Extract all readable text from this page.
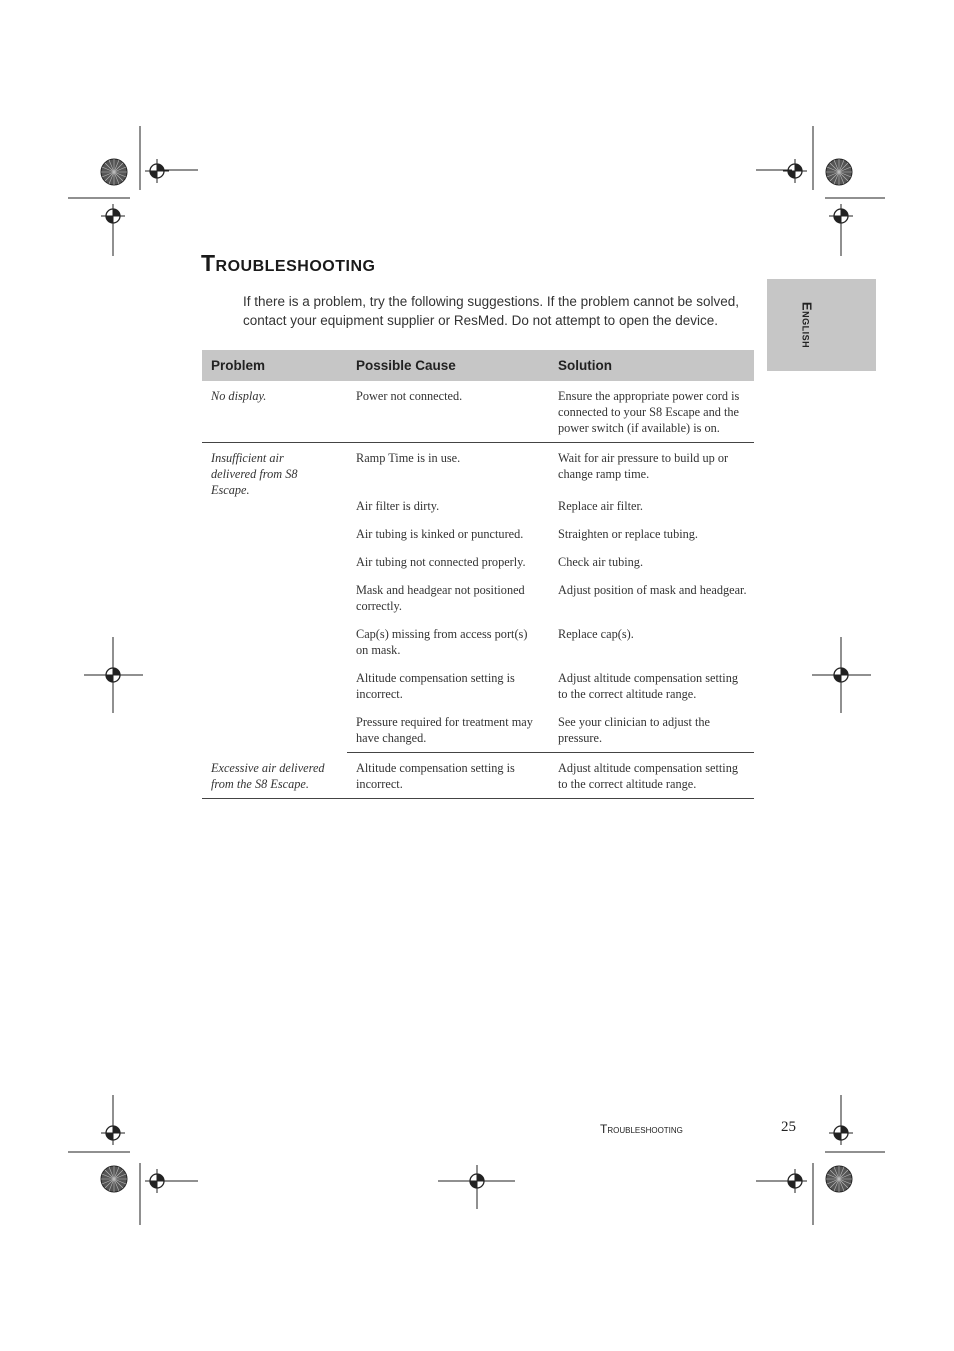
Troubleshooting

If there is a problem, try the following suggestions. If the problem cannot be solved, contact your equipment supplier or ResMed. Do not attempt to open the device.	English
Problem	Possible Cause	Solution
No display.	Power not connected.	Ensure the appropriate power cord is connected to your S8 Escape and the power switch (if available) is on.
Insufficient air delivered from S8 Escape.	Ramp Time is in use.	Wait for air pressure to build up or change ramp time.
	Air filter is dirty.	Replace air filter.
	Air tubing is kinked or punctured.	Straighten or replace tubing.
	Air tubing not connected properly.	Check air tubing.
	Mask and headgear not positioned correctly.	Adjust position of mask and headgear.
	Cap(s) missing from access port(s) on mask.	Replace cap(s).
	Altitude compensation setting is incorrect.	Adjust altitude compensation setting to the correct altitude range.
	Pressure required for treatment may have changed.	See your clinician to adjust the pressure.
Excessive air delivered from the S8 Escape.	Altitude compensation setting is incorrect.	Adjust altitude compensation setting to the correct altitude range.
Troubleshooting	25
